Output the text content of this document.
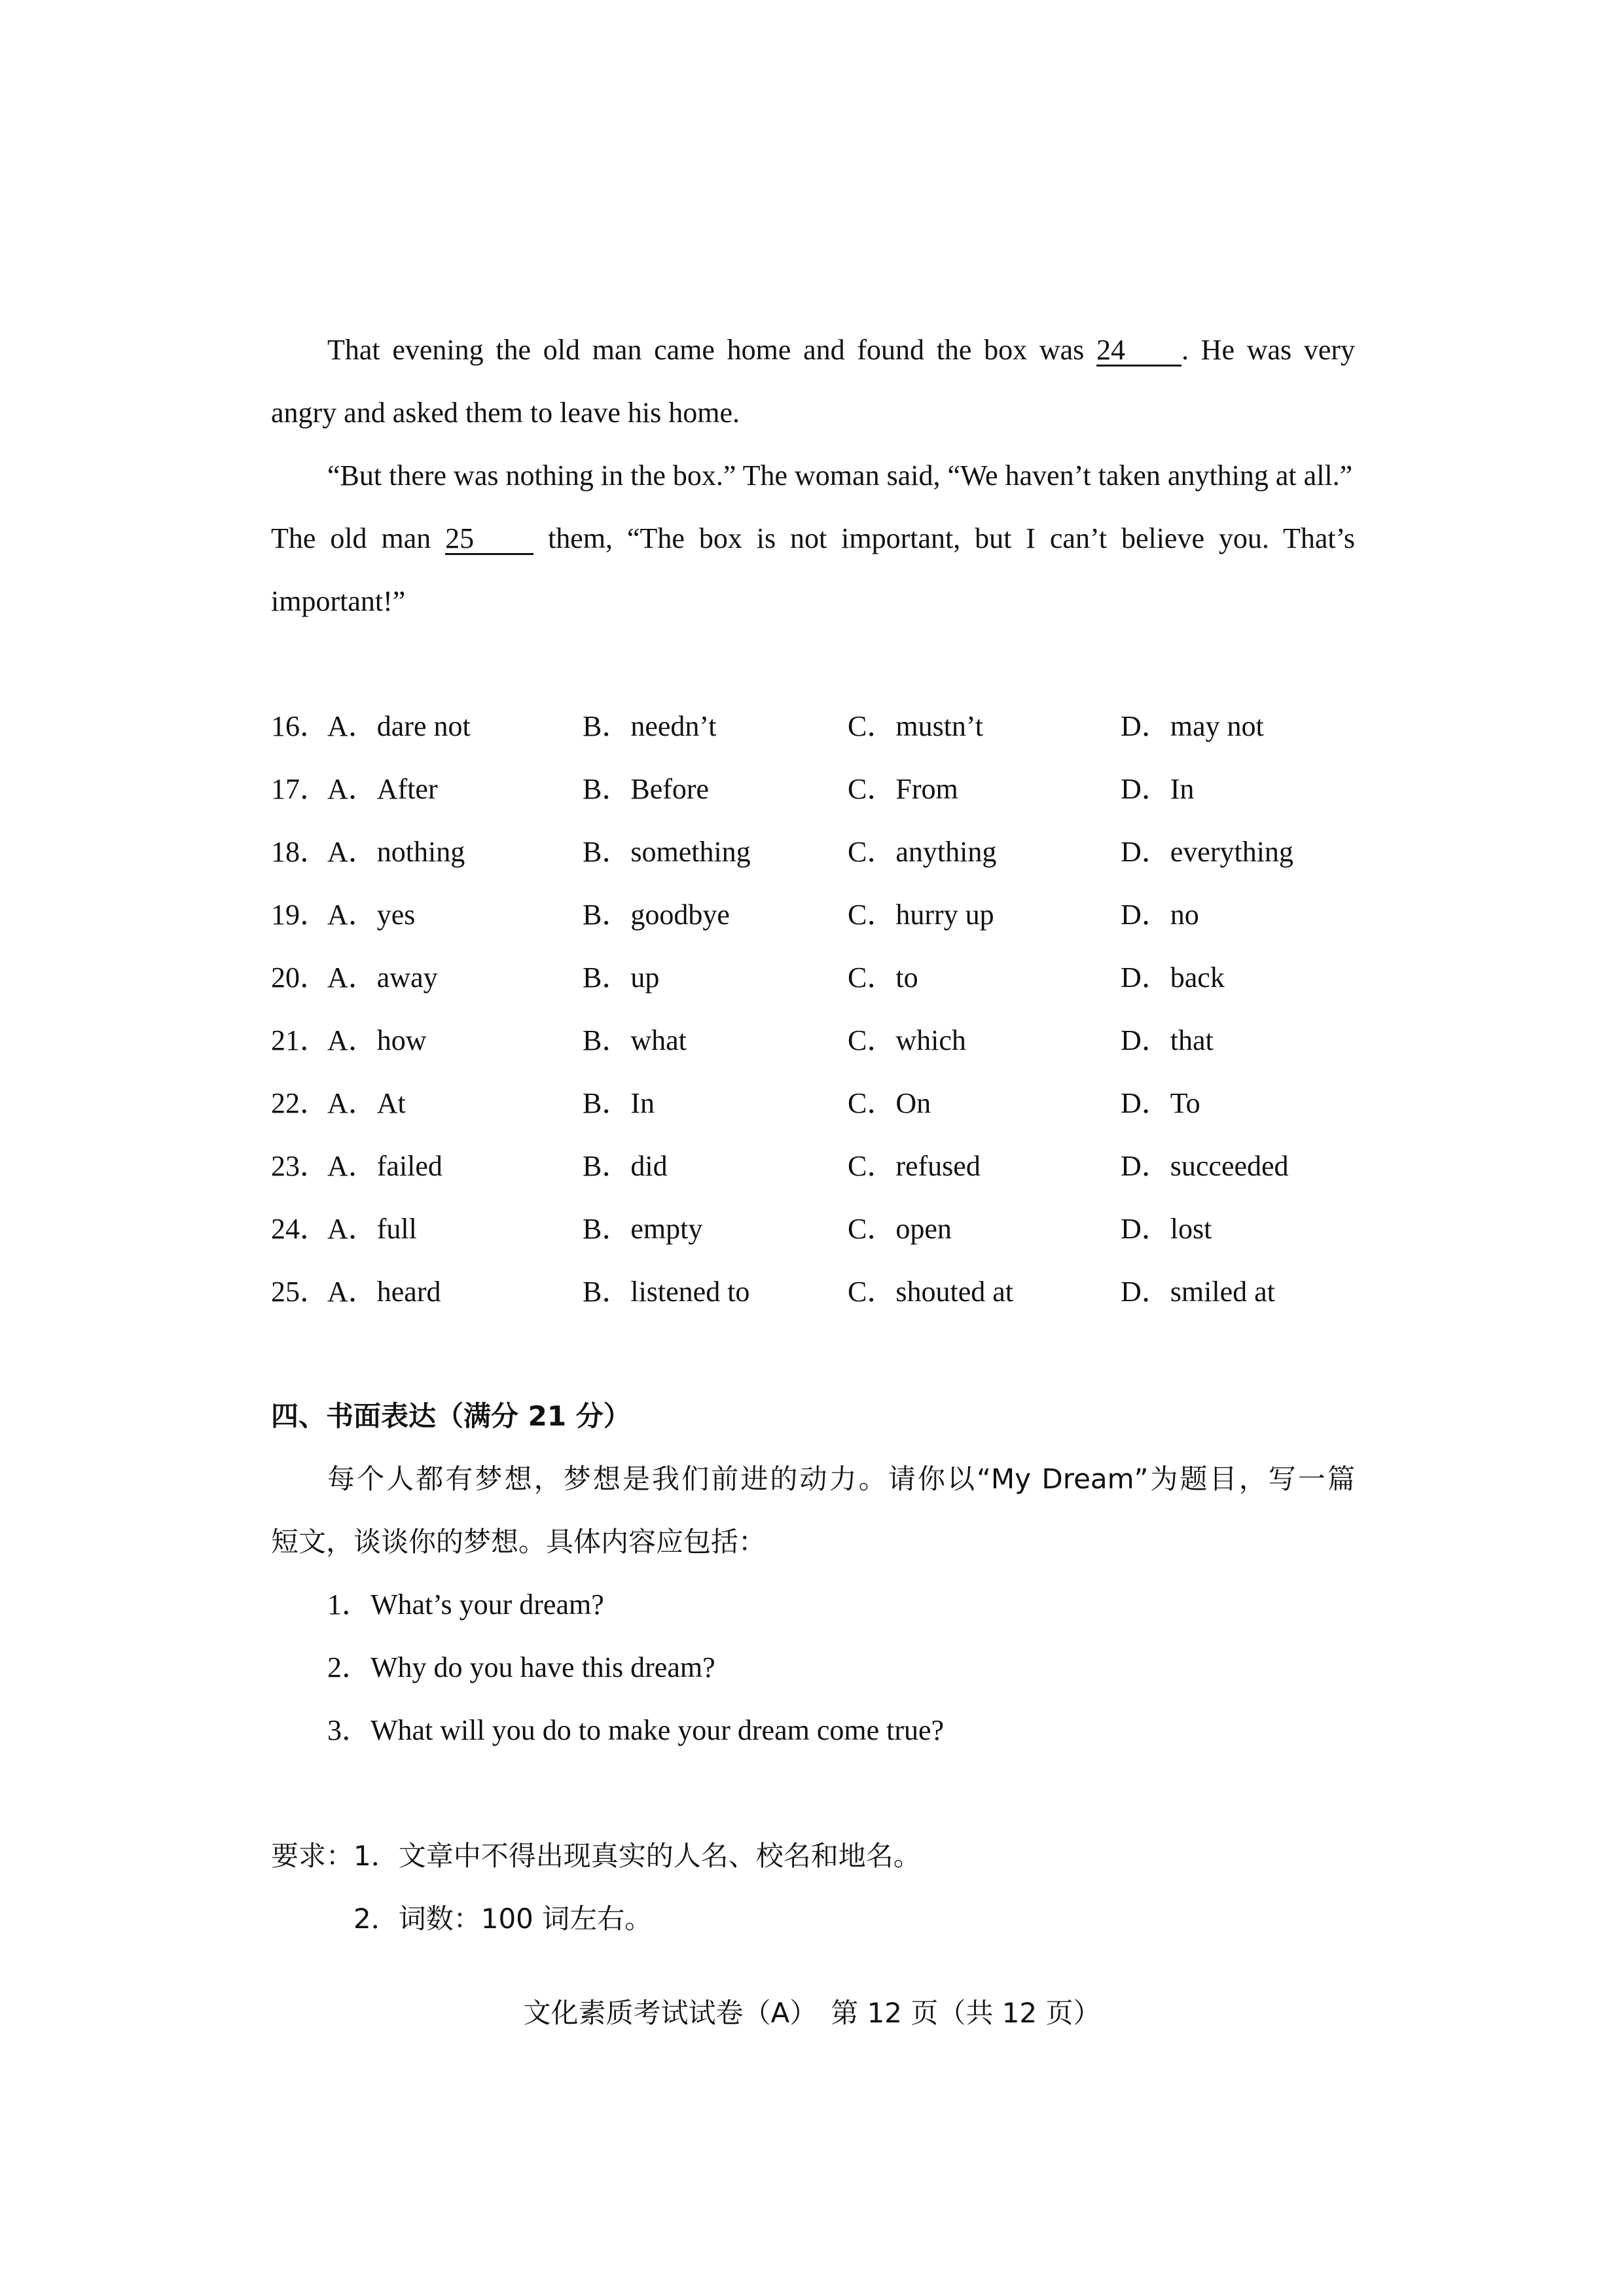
That evening the old man came home and found the box was 24 . He was very
angry and asked them to leave his home.
“But there was nothing in the box.” The woman said, “We haven’t taken anything at all.”
The old man 25	them, “The box is not important, but I can’t believe you. That’s
important!”
16．
A．dare not	B．needn’t	C．mustn’t	D．may not
17．
A．After	B．Before	C．From	D．In
18．
A．nothing	B．something	C．anything	D．everything
19．
A．yes	B．goodbye	C．hurry up	D．no
20．
A．away	B．up	C．to	D．back
21．
A．how	B．what	C．which	D．that
22．
A．At	B．In	C．On	D．To
23．
A．failed	B．did	C．refused	D．succeeded
24．
A．full	B．empty	C．open	D．lost
25．
A．heard	B．listened to	C．shouted at	D．smiled at
四、书面表达（满分 21 分）
每个人都有梦想，梦想是我们前进的动力。请你以“My Dream”为题目，写一篇
短文，谈谈你的梦想。具体内容应包括：
1．What’s your dream?
2．Why do you have this dream?
3．What will you do to make your dream come true?
要求： 1．文章中不得出现真实的人名、校名和地名。
2．词数：100 词左右。
文化素质考试试卷（A）　第 12 页（共 12 页）
